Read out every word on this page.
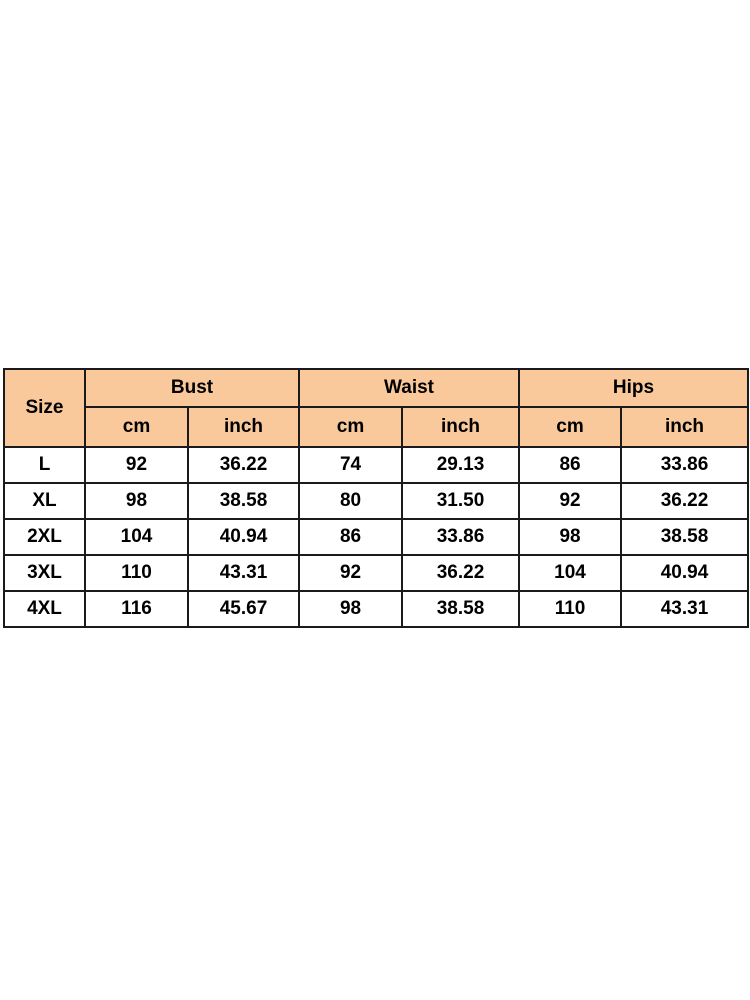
Size	Bust		Waist		Hips	
	cm	inch	cm	inch	cm	inch
L	92	36.22	74	29.13	86	33.86
XL	98	38.58	80	31.50	92	36.22
2XL	104	40.94	86	33.86	98	38.58
3XL	110	43.31	92	36.22	104	40.94
4XL	116	45.67	98	38.58	110	43.31
